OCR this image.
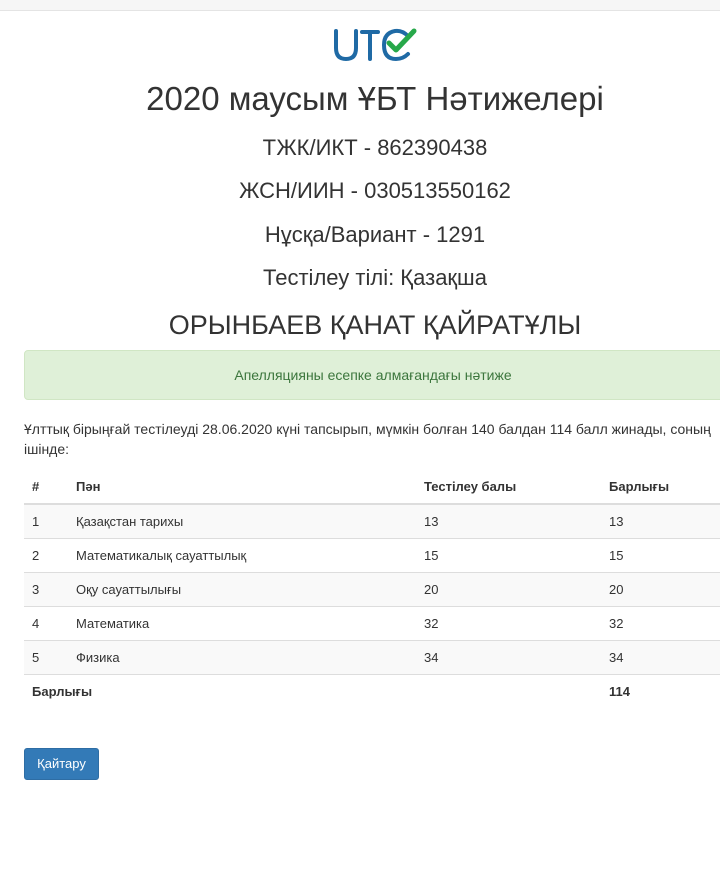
2020 маусым ҰБТ Нәтижелері
ТЖК/ИКТ - 862390438
ЖСН/ИИН - 030513550162
Нұсқа/Вариант - 1291
Тестілеу тілі: Қазақша
ОРЫНБАЕВ ҚАНАТ ҚАЙРАТҰЛЫ
Апелляцияны есепке алмағандағы нәтиже
Ұлттық бірыңғай тестілеуді 28.06.2020 күні тапсырып, мүмкін болған 140 балдан 114 балл жинады, соның ішінде:
#	Пән	Тестілеу балы	Барлығы
1	Қазақстан тарихы	13	13
2	Математикалық сауаттылық	15	15
3	Оқу сауаттылығы	20	20
4	Математика	32	32
5	Физика	34	34
Барлығы			114
Қайтару
